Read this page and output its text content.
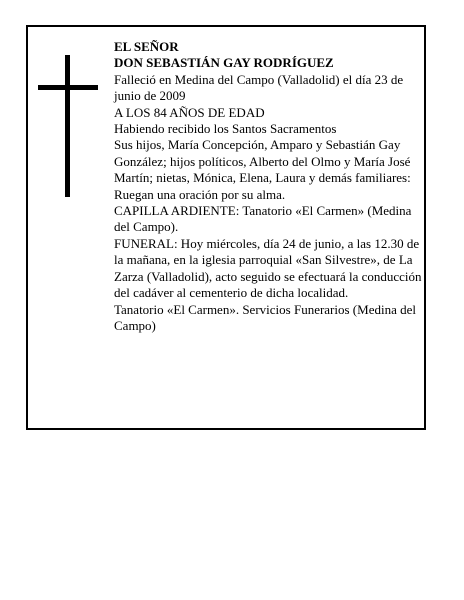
EL SEÑOR

DON SEBASTIÁN GAY RODRÍGUEZ

Falleció en Medina del Campo (Valladolid) el día 23 de junio de 2009

A LOS 84 AÑOS DE EDAD

Habiendo recibido los Santos Sacramentos

Sus hijos, María Concepción, Amparo y Sebastián Gay González; hijos políticos, Alberto del Olmo y María José Martín; nietas, Mónica, Elena, Laura y demás familiares:

Ruegan una oración por su alma.

CAPILLA ARDIENTE: Tanatorio «El Carmen» (Medina del Campo).

FUNERAL: Hoy miércoles, día 24 de junio, a las 12.30 de la mañana, en la iglesia parroquial «San Silvestre», de La Zarza (Valladolid), acto seguido se efectuará la conducción del cadáver al cementerio de dicha localidad.

Tanatorio «El Carmen». Servicios Funerarios (Medina del Campo)
